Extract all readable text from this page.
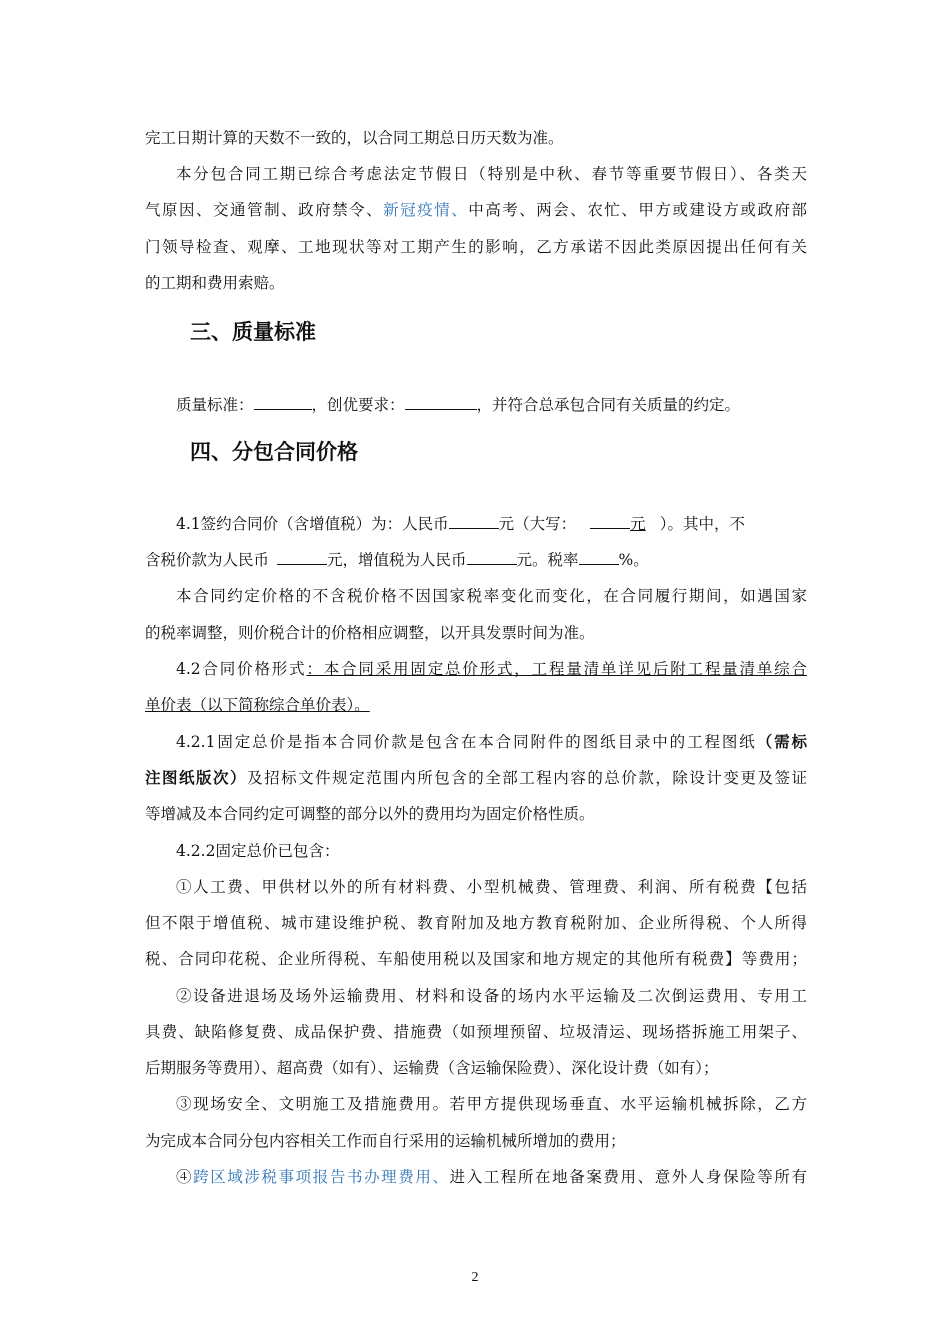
完工日期计算的天数不一致的，以合同工期总日历天数为准。
本分包合同工期已综合考虑法定节假日（特别是中秋、春节等重要节假日）、各类天
气原因、交通管制、政府禁令、新冠疫情、中高考、两会、农忙、甲方或建设方或政府部
门领导检查、观摩、工地现状等对工期产生的影响，乙方承诺不因此类原因提出任何有关
的工期和费用索赔。
三、质量标准
质量标准：	，创优要求：	，并符合总承包合同有关质量的约定。
四、分包合同价格
4.1签约合同价（含增值税）为：人民币	元（大写：	元 ）。其中，不
含税价款为人民币	元，增值税为人民币	元。税率	%。
本合同约定价格的不含税价格不因国家税率变化而变化，在合同履行期间，如遇国家
的税率调整，则价税合计的价格相应调整，以开具发票时间为准。
4.2合同价格形式：本合同采用固定总价形式，工程量清单详见后附工程量清单综合
单价表（以下简称综合单价表）。
4.2.1固定总价是指本合同价款是包含在本合同附件的图纸目录中的工程图纸（需标
注图纸版次）及招标文件规定范围内所包含的全部工程内容的总价款，除设计变更及签证
等增减及本合同约定可调整的部分以外的费用均为固定价格性质。
4.2.2固定总价已包含：
①人工费、甲供材以外的所有材料费、小型机械费、管理费、利润、所有税费【包括
但不限于增值税、城市建设维护税、教育附加及地方教育税附加、企业所得税、个人所得
税、合同印花税、企业所得税、车船使用税以及国家和地方规定的其他所有税费】等费用；
②设备进退场及场外运输费用、材料和设备的场内水平运输及二次倒运费用、专用工
具费、缺陷修复费、成品保护费、措施费（如预埋预留、垃圾清运、现场搭拆施工用架子、
后期服务等费用）、超高费（如有）、运输费（含运输保险费）、深化设计费（如有）；
③现场安全、文明施工及措施费用。若甲方提供现场垂直、水平运输机械拆除，乙方
为完成本合同分包内容相关工作而自行采用的运输机械所增加的费用；
④跨区域涉税事项报告书办理费用、进入工程所在地备案费用、意外人身保险等所有
2
